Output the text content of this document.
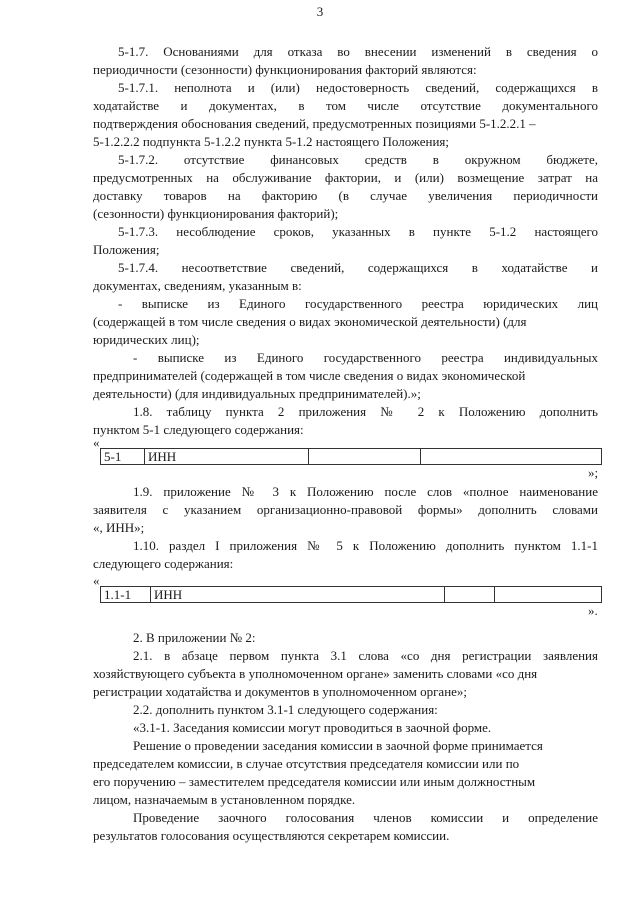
3
5-1.7. Основаниями для отказа во внесении изменений в сведения о
периодичности (сезонности) функционирования факторий являются:
5-1.7.1. неполнота и (или) недостоверность сведений, содержащихся в
ходатайстве и документах, в том числе отсутствие документального
подтверждения обоснования сведений, предусмотренных позициями 5-1.2.2.1 –
5-1.2.2.2 подпункта 5-1.2.2 пункта 5-1.2 настоящего Положения;
5-1.7.2. отсутствие финансовых средств в окружном бюджете,
предусмотренных на обслуживание фактории, и (или) возмещение затрат на
доставку товаров на факторию (в случае увеличения периодичности
(сезонности) функционирования факторий);
5-1.7.3. несоблюдение сроков, указанных в пункте 5-1.2 настоящего
Положения;
5-1.7.4. несоответствие сведений, содержащихся в ходатайстве и
документах, сведениям, указанным в:
- выписке из Единого государственного реестра юридических лиц
(содержащей в том числе сведения о видах экономической деятельности) (для
юридических лиц);
- выписке из Единого государственного реестра индивидуальных
предпринимателей (содержащей в том числе сведения о видах экономической
деятельности) (для индивидуальных предпринимателей).»;
1.8. таблицу пункта 2 приложения № 2 к Положению дополнить
пунктом 5-1 следующего содержания:
«
5-1	ИНН
»;
1.9. приложение № 3 к Положению после слов «полное наименование
заявителя с указанием организационно-правовой формы» дополнить словами
«, ИНН»;
1.10. раздел I приложения № 5 к Положению дополнить пунктом 1.1-1
следующего содержания:
«
1.1-1	ИНН
».
2. В приложении № 2:
2.1. в абзаце первом пункта 3.1 слова «со дня регистрации заявления
хозяйствующего субъекта в уполномоченном органе» заменить словами «со дня
регистрации ходатайства и документов в уполномоченном органе»;
2.2. дополнить пунктом 3.1-1 следующего содержания:
«3.1-1. Заседания комиссии могут проводиться в заочной форме.
Решение о проведении заседания комиссии в заочной форме принимается
председателем комиссии, в случае отсутствия председателя комиссии или по
его поручению – заместителем председателя комиссии или иным должностным
лицом, назначаемым в установленном порядке.
Проведение заочного голосования членов комиссии и определение
результатов голосования осуществляются секретарем комиссии.
